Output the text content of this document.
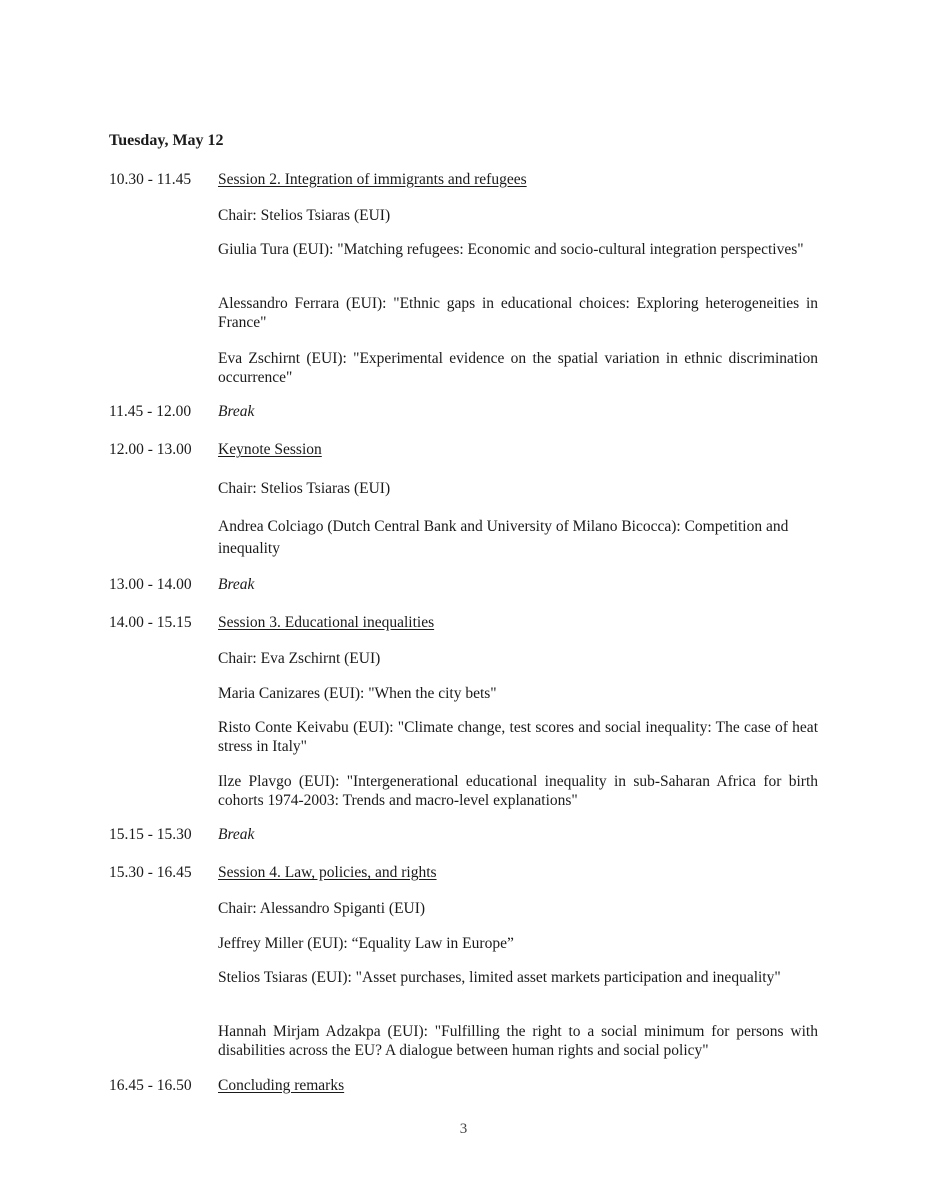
Tuesday, May 12
10.30 - 11.45	Session 2. Integration of immigrants and refugees
Chair: Stelios Tsiaras (EUI)
Giulia Tura (EUI): "Matching refugees: Economic and socio-cultural integration perspectives"
Alessandro Ferrara (EUI): "Ethnic gaps in educational choices: Exploring heterogeneities in France"
Eva Zschirnt (EUI): "Experimental evidence on the spatial variation in ethnic discrimination occurrence"
11.45 - 12.00	Break
12.00 - 13.00	Keynote Session
Chair: Stelios Tsiaras (EUI)
Andrea Colciago (Dutch Central Bank and University of Milano Bicocca): Competition and inequality
13.00 - 14.00	Break
14.00 - 15.15	Session 3. Educational inequalities
Chair: Eva Zschirnt (EUI)
Maria Canizares (EUI): "When the city bets"
Risto Conte Keivabu (EUI): "Climate change, test scores and social inequality: The case of heat stress in Italy"
Ilze Plavgo (EUI): "Intergenerational educational inequality in sub-Saharan Africa for birth cohorts 1974-2003: Trends and macro-level explanations"
15.15 - 15.30	Break
15.30 - 16.45	Session 4. Law, policies, and rights
Chair: Alessandro Spiganti (EUI)
Jeffrey Miller (EUI): “Equality Law in Europe”
Stelios Tsiaras (EUI): "Asset purchases, limited asset markets participation and inequality"
Hannah Mirjam Adzakpa (EUI): "Fulfilling the right to a social minimum for persons with disabilities across the EU? A dialogue between human rights and social policy"
16.45 - 16.50	Concluding remarks
3
